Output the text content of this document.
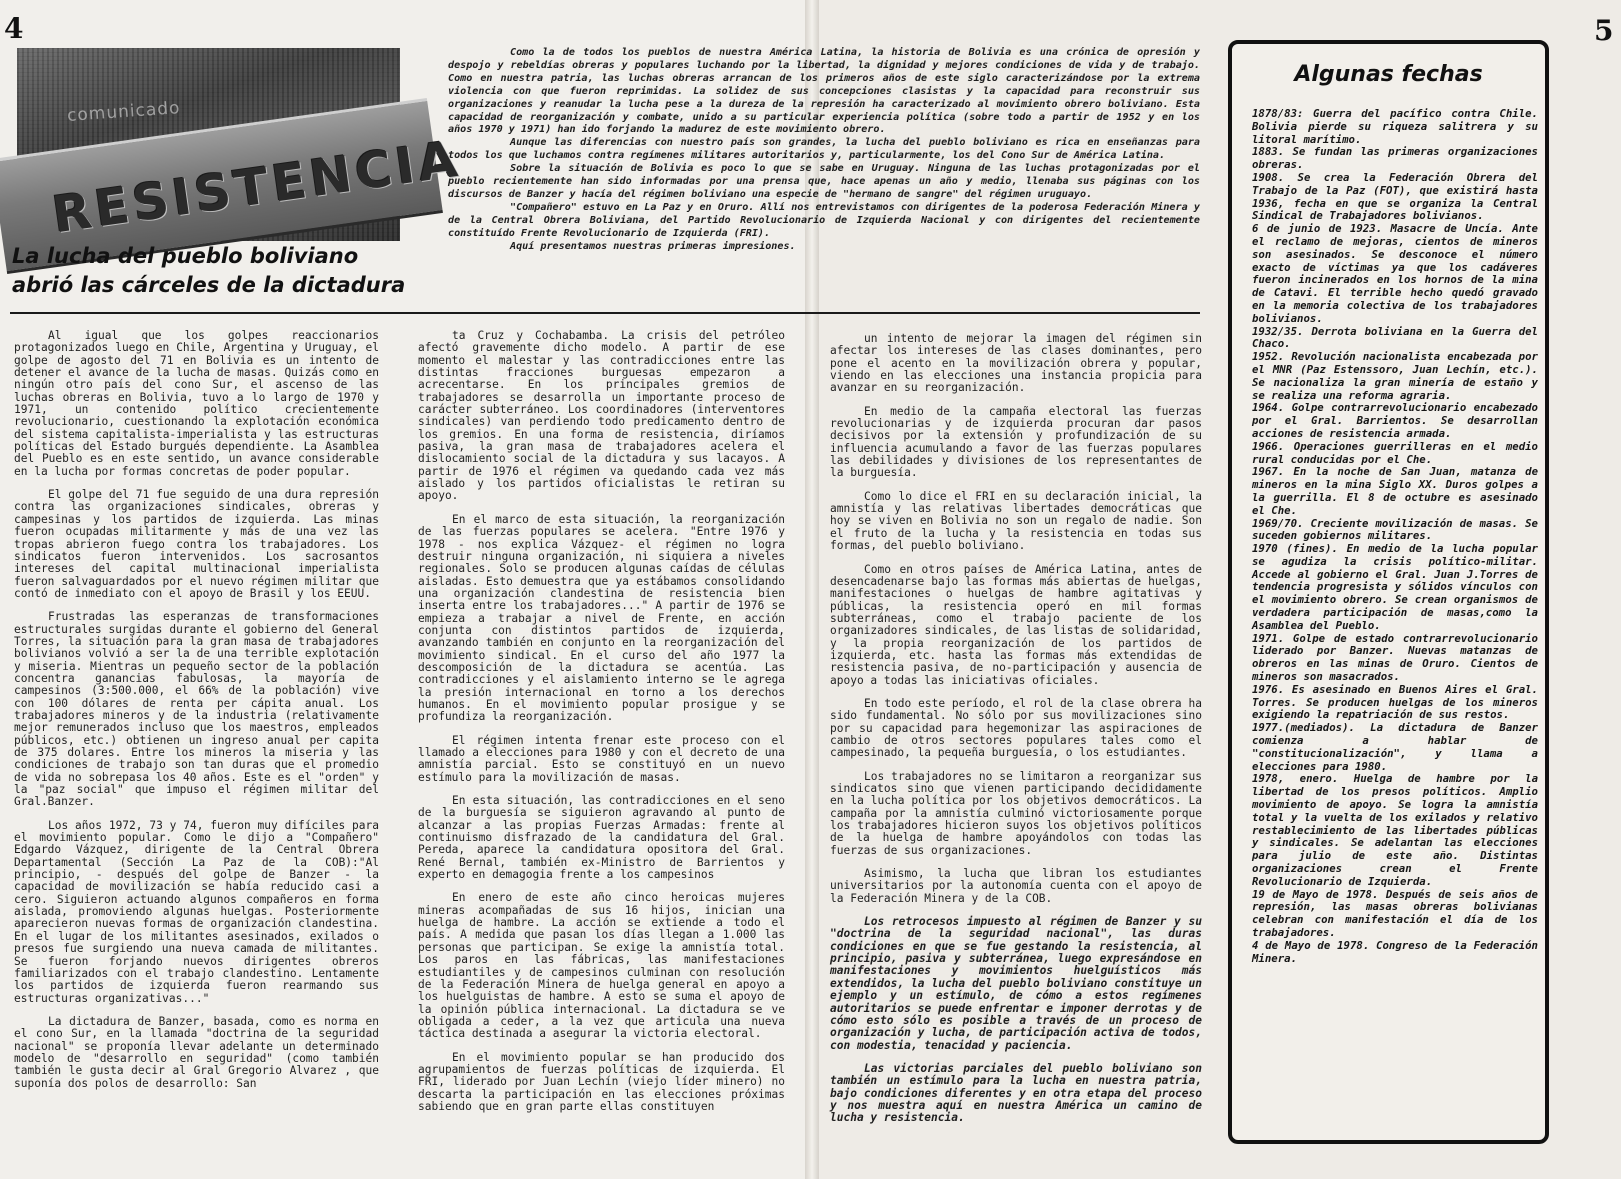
4	5
comunicado
RESISTENCIA
La lucha del pueblo boliviano
abrió las cárceles de la dictadura

Como la de todos los pueblos de nuestra América Latina, la historia de Bolivia es una crónica de opresión y despojo y rebeldías obreras y populares luchando por la libertad, la dignidad y mejores condiciones de vida y de trabajo. Como en nuestra patria, las luchas obreras arrancan de los primeros años de este siglo caracterizándose por la extrema violencia con que fueron reprimidas. La solidez de sus concepciones clasistas y la capacidad para reconstruir sus organizaciones y reanudar la lucha pese a la dureza de la represión ha caracterizado al movimiento obrero boliviano. Esta capacidad de reorganización y combate, unido a su particular experiencia política (sobre todo a partir de 1952 y en los años 1970 y 1971) han ido forjando la madurez de este movimiento obrero.

Aunque las diferencias con nuestro país son grandes, la lucha del pueblo boliviano es rica en enseñanzas para todos los que luchamos contra regímenes militares autoritarios y, particularmente, los del Cono Sur de América Latina.

Sobre la situación de Bolivia es poco lo que se sabe en Uruguay. Ninguna de las luchas protagonizadas por el pueblo recientemente han sido informadas por una prensa que, hace apenas un año y medio, llenaba sus páginas con los discursos de Banzer y hacía del régimen boliviano una especie de "hermano de sangre" del régimen uruguayo.

"Compañero" estuvo en La Paz y en Oruro. Allí nos entrevistamos con dirigentes de la poderosa Federación Minera y de la Central Obrera Boliviana, del Partido Revolucionario de Izquierda Nacional y con dirigentes del recientemente constituído Frente Revolucionario de Izquierda (FRI).

Aquí presentamos nuestras primeras impresiones.

Al igual que los golpes reaccionarios protagonizados luego en Chile, Argentina y Uruguay, el golpe de agosto del 71 en Bolivia es un intento de detener el avance de la lucha de masas. Quizás como en ningún otro país del cono Sur, el ascenso de las luchas obreras en Bolivia, tuvo a lo largo de 1970 y 1971, un contenido político crecientemente revolucionario, cuestionando la explotación económica del sistema capitalista-imperialista y las estructuras políticas del Estado burgués dependiente. La Asamblea del Pueblo es en este sentido, un avance considerable en la lucha por formas concretas de poder popular.

El golpe del 71 fue seguido de una dura represión contra las organizaciones sindicales, obreras y campesinas y los partidos de izquierda. Las minas fueron ocupadas militarmente y más de una vez las tropas abrieron fuego contra los trabajadores. Los sindicatos fueron intervenidos. Los sacrosantos intereses del capital multinacional imperialista fueron salvaguardados por el nuevo régimen militar que contó de inmediato con el apoyo de Brasil y los EEUU.

Frustradas las esperanzas de transformaciones estructurales surgidas durante el gobierno del General Torres, la situación para la gran masa de trabajadores bolivianos volvió a ser la de una terrible explotación y miseria. Mientras un pequeño sector de la población concentra ganancias fabulosas, la mayoría de campesinos (3:500.000, el 66% de la población) vive con 100 dólares de renta per cápita anual. Los trabajadores mineros y de la industria (relativamente mejor remunerados incluso que los maestros, empleados públicos, etc.) obtienen un ingreso anual per capita de 375 dolares. Entre los mineros la miseria y las condiciones de trabajo son tan duras que el promedio de vida no sobrepasa los 40 años. Este es el "orden" y la "paz social" que impuso el régimen militar del Gral.Banzer.

Los años 1972, 73 y 74, fueron muy difíciles para el movimiento popular. Como le dijo a "Compañero" Edgardo Vázquez, dirigente de la Central Obrera Departamental (Sección La Paz de la COB):"Al principio, - después del golpe de Banzer - la capacidad de movilización se había reducido casi a cero. Siguieron actuando algunos compañeros en forma aislada, promoviendo algunas huelgas. Posteriormente aparecieron nuevas formas de organización clandestina. En el lugar de los militantes asesinados, exilados o presos fue surgiendo una nueva camada de militantes. Se fueron forjando nuevos dirigentes obreros familiarizados con el trabajo clandestino. Lentamente los partidos de izquierda fueron rearmando sus estructuras organizativas..."

La dictadura de Banzer, basada, como es norma en el cono Sur, en la llamada "doctrina de la seguridad nacional" se proponía llevar adelante un determinado modelo de "desarrollo en seguridad" (como también también le gusta decir al Gral Gregorio Alvarez , que suponía dos polos de desarrollo: San

ta Cruz y Cochabamba. La crisis del petróleo afectó gravemente dicho modelo. A partir de ese momento el malestar y las contradicciones entre las distintas fracciones burguesas empezaron a acrecentarse. En los principales gremios de trabajadores se desarrolla un importante proceso de carácter subterráneo. Los coordinadores (interventores sindicales) van perdiendo todo predicamento dentro de los gremios. En una forma de resistencia, diríamos pasiva, la gran masa de trabajadores acelera el dislocamiento social de la dictadura y sus lacayos. A partir de 1976 el régimen va quedando cada vez más aislado y los partidos oficialistas le retiran su apoyo.

En el marco de esta situación, la reorganización de las fuerzas populares se acelera. "Entre 1976 y 1978 - nos explica Vázquez- el régimen no logra destruir ninguna organización, ni siquiera a niveles regionales. Solo se producen algunas caídas de células aisladas. Esto demuestra que ya estábamos consolidando una organización clandestina de resistencia bien inserta entre los trabajadores..." A partir de 1976 se empieza a trabajar a nivel de Frente, en acción conjunta con distintos partidos de izquierda, avanzando también en conjunto en la reorganización del movimiento sindical. En el curso del año 1977 la descomposición de la dictadura se acentúa. Las contradicciones y el aislamiento interno se le agrega la presión internacional en torno a los derechos humanos. En el movimiento popular prosigue y se profundiza la reorganización.

El régimen intenta frenar este proceso con el llamado a elecciones para 1980 y con el decreto de una amnistía parcial. Esto se constituyó en un nuevo estímulo para la movilización de masas.

En esta situación, las contradicciones en el seno de la burguesía se siguieron agravando al punto de alcanzar a las propias Fuerzas Armadas: frente al continuismo disfrazado de la candidatura del Gral. Pereda, aparece la candidatura opositora del Gral. René Bernal, también ex-Ministro de Barrientos y experto en demagogia frente a los campesinos

En enero de este año cinco heroicas mujeres mineras acompañadas de sus 16 hijos, inician una huelga de hambre. La acción se extiende a todo el país. A medida que pasan los días llegan a 1.000 las personas que participan. Se exige la amnistía total. Los paros en las fábricas, las manifestaciones estudiantiles y de campesinos culminan con resolución de la Federación Minera de huelga general en apoyo a los huelguistas de hambre. A esto se suma el apoyo de la opinión pública internacional. La dictadura se ve obligada a ceder, a la vez que articula una nueva táctica destinada a asegurar la victoria electoral.

En el movimiento popular se han producido dos agrupamientos de fuerzas políticas de izquierda. El FRI, liderado por Juan Lechín (viejo líder minero) no descarta la participación en las elecciones próximas sabiendo que en gran parte ellas constituyen

un intento de mejorar la imagen del régimen sin afectar los intereses de las clases dominantes, pero pone el acento en la movilización obrera y popular, viendo en las elecciones una instancia propicia para avanzar en su reorganización.

En medio de la campaña electoral las fuerzas revolucionarias y de izquierda procuran dar pasos decisivos por la extensión y profundización de su influencia acumulando a favor de las fuerzas populares las debilidades y divisiones de los representantes de la burguesía.

Como lo dice el FRI en su declaración inicial, la amnistía y las relativas libertades democráticas que hoy se viven en Bolivia no son un regalo de nadie. Son el fruto de la lucha y la resistencia en todas sus formas, del pueblo boliviano.

Como en otros países de América Latina, antes de desencadenarse bajo las formas más abiertas de huelgas, manifestaciones o huelgas de hambre agitativas y públicas, la resistencia operó en mil formas subterráneas, como el trabajo paciente de los organizadores sindicales, de las listas de solidaridad, y la propia reorganización de los partidos de izquierda, etc. hasta las formas más extendidas de resistencia pasiva, de no-participación y ausencia de apoyo a todas las iniciativas oficiales.

En todo este período, el rol de la clase obrera ha sido fundamental. No sólo por sus movilizaciones sino por su capacidad para hegemonizar las aspiraciones de cambio de otros sectores populares tales como el campesinado, la pequeña burguesía, o los estudiantes.

Los trabajadores no se limitaron a reorganizar sus sindicatos sino que vienen participando decididamente en la lucha política por los objetivos democráticos. La campaña por la amnistía culminó victoriosamente porque los trabajadores hicieron suyos los objetivos políticos de la huelga de hambre apoyándolos con todas las fuerzas de sus organizaciones.

Asimismo, la lucha que libran los estudiantes universitarios por la autonomía cuenta con el apoyo de la Federación Minera y de la COB.

Los retrocesos impuesto al régimen de Banzer y su "doctrina de la seguridad nacional", las duras condiciones en que se fue gestando la resistencia, al principio, pasiva y subterránea, luego expresándose en manifestaciones y movimientos huelguísticos más extendidos, la lucha del pueblo boliviano constituye un ejemplo y un estímulo, de cómo a estos regímenes autoritarios se puede enfrentar e imponer derrotas y de cómo esto sólo es posible a través de un proceso de organización y lucha, de participación activa de todos, con modestia, tenacidad y paciencia.

Las victorias parciales del pueblo boliviano son también un estímulo para la lucha en nuestra patria, bajo condiciones diferentes y en otra etapa del proceso y nos muestra aquí en nuestra América un camino de lucha y resistencia.

Algunas fechas

1878/83: Guerra del pacífico contra Chile. Bolivia pierde su riqueza salitrera y su litoral marítimo.

1883. Se fundan las primeras organizaciones obreras.

1908. Se crea la Federación Obrera del Trabajo de la Paz (FOT), que existirá hasta 1936, fecha en que se organiza la Central Sindical de Trabajadores bolivianos.

6 de junio de 1923. Masacre de Uncía. Ante el reclamo de mejoras, cientos de mineros son asesinados. Se desconoce el número exacto de víctimas ya que los cadáveres fueron incinerados en los hornos de la mina de Catavi. El terrible hecho quedó gravado en la memoria colectiva de los trabajadores bolivianos.

1932/35. Derrota boliviana en la Guerra del Chaco.

1952. Revolución nacionalista encabezada por el MNR (Paz Estenssoro, Juan Lechín, etc.). Se nacionaliza la gran minería de estaño y se realiza una reforma agraria.

1964. Golpe contrarrevolucionario encabezado por el Gral. Barrientos. Se desarrollan acciones de resistencia armada.

1966. Operaciones guerrilleras en el medio rural conducidas por el Che.

1967. En la noche de San Juan, matanza de mineros en la mina Siglo XX. Duros golpes a la guerrilla. El 8 de octubre es asesinado el Che.

1969/70. Creciente movilización de masas. Se suceden gobiernos militares.

1970 (fines). En medio de la lucha popular se agudiza la crisis político-militar. Accede al gobierno el Gral. Juan J.Torres de tendencia progresista y sólidos vínculos con el movimiento obrero. Se crean organismos de verdadera participación de masas,como la Asamblea del Pueblo.

1971. Golpe de estado contrarrevolucionario liderado por Banzer. Nuevas matanzas de obreros en las minas de Oruro. Cientos de mineros son masacrados.

1976. Es asesinado en Buenos Aires el Gral. Torres. Se producen huelgas de los mineros exigiendo la repatriación de sus restos.

1977.(mediados). La dictadura de Banzer comienza a hablar de "constitucionalización", y llama a elecciones para 1980.

1978, enero. Huelga de hambre por la libertad de los presos políticos. Amplio movimiento de apoyo. Se logra la amnistía total y la vuelta de los exilados y relativo restablecimiento de las libertades públicas y sindicales. Se adelantan las elecciones para julio de este año. Distintas organizaciones crean el Frente Revolucionario de Izquierda.

19 de Mayo de 1978. Después de seis años de represión, las masas obreras bolivianas celebran con manifestación el día de los trabajadores.

4 de Mayo de 1978. Congreso de la Federación Minera.
